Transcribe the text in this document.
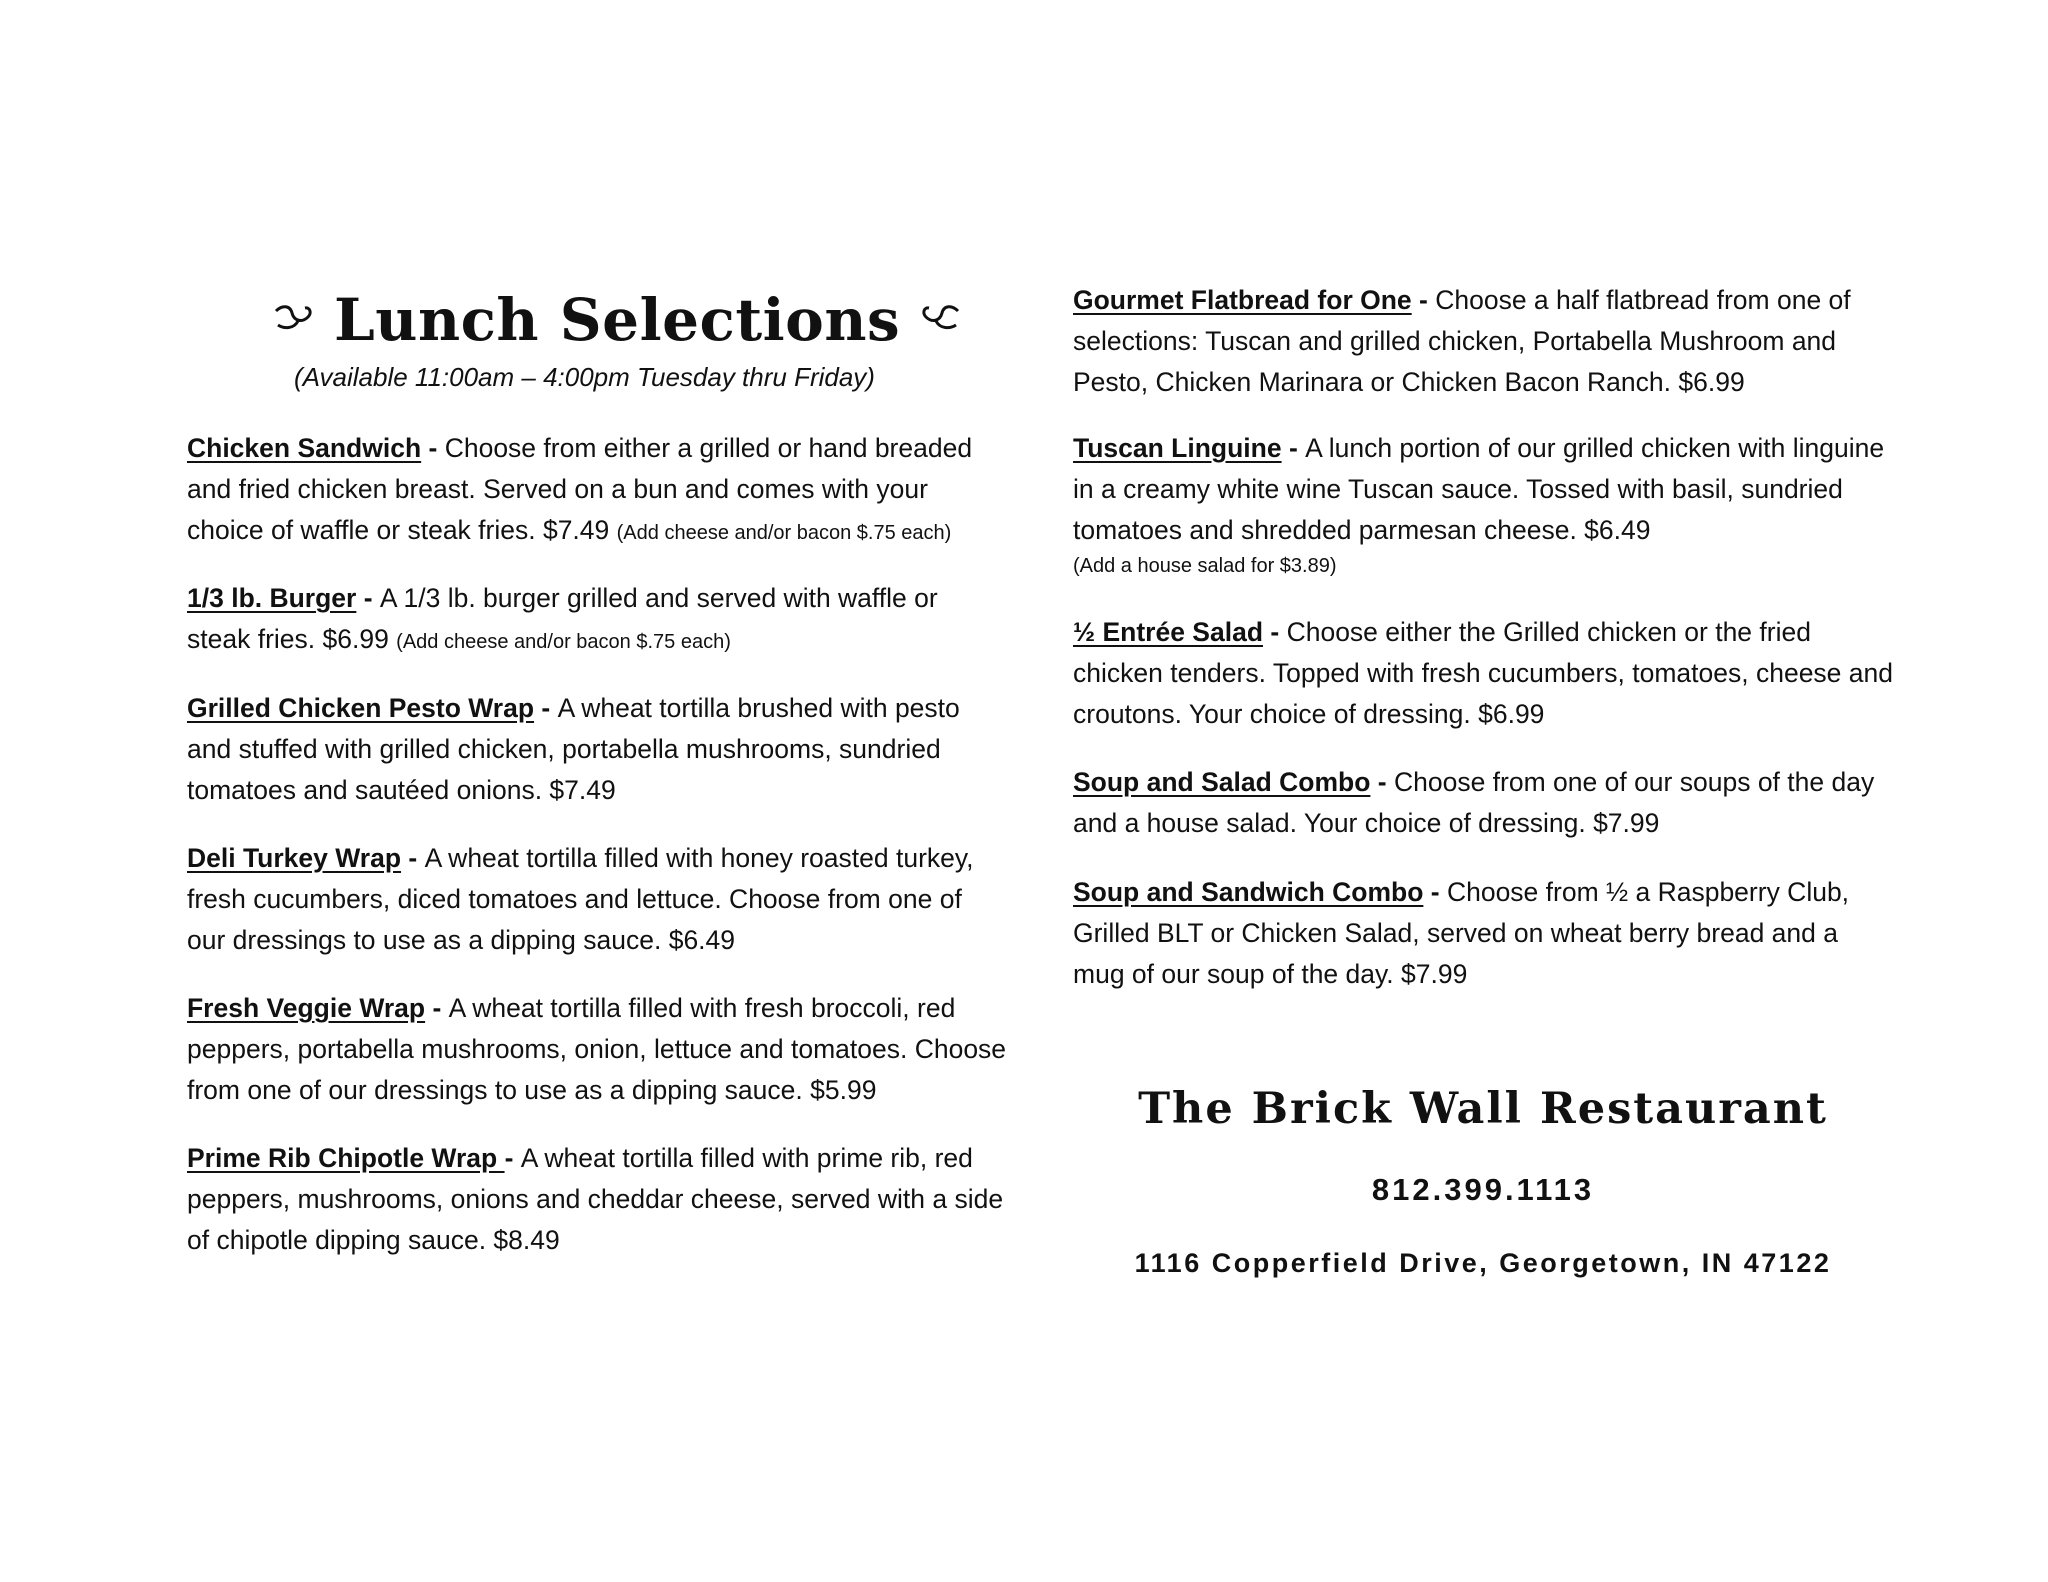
Lunch Selections
(Available 11:00am – 4:00pm Tuesday thru Friday)
Chicken Sandwich - Choose from either a grilled or hand breaded and fried chicken breast. Served on a bun and comes with your choice of waffle or steak fries. $7.49 (Add cheese and/or bacon $.75 each)
1/3 lb. Burger - A 1/3 lb. burger grilled and served with waffle or steak fries. $6.99 (Add cheese and/or bacon $.75 each)
Grilled Chicken Pesto Wrap - A wheat tortilla brushed with pesto and stuffed with grilled chicken, portabella mushrooms, sundried tomatoes and sautéed onions. $7.49
Deli Turkey Wrap - A wheat tortilla filled with honey roasted turkey, fresh cucumbers, diced tomatoes and lettuce. Choose from one of our dressings to use as a dipping sauce. $6.49
Fresh Veggie Wrap - A wheat tortilla filled with fresh broccoli, red peppers, portabella mushrooms, onion, lettuce and tomatoes. Choose from one of our dressings to use as a dipping sauce. $5.99
Prime Rib Chipotle Wrap - A wheat tortilla filled with prime rib, red peppers, mushrooms, onions and cheddar cheese, served with a side of chipotle dipping sauce. $8.49
Gourmet Flatbread for One - Choose a half flatbread from one of selections: Tuscan and grilled chicken, Portabella Mushroom and Pesto, Chicken Marinara or Chicken Bacon Ranch. $6.99
Tuscan Linguine - A lunch portion of our grilled chicken with linguine in a creamy white wine Tuscan sauce. Tossed with basil, sundried tomatoes and shredded parmesan cheese. $6.49
(Add a house salad for $3.89)
½ Entrée Salad - Choose either the Grilled chicken or the fried chicken tenders. Topped with fresh cucumbers, tomatoes, cheese and croutons. Your choice of dressing. $6.99
Soup and Salad Combo - Choose from one of our soups of the day and a house salad. Your choice of dressing. $7.99
Soup and Sandwich Combo - Choose from ½ a Raspberry Club, Grilled BLT or Chicken Salad, served on wheat berry bread and a mug of our soup of the day. $7.99
The Brick Wall Restaurant
812.399.1113
1116 Copperfield Drive, Georgetown, IN 47122
